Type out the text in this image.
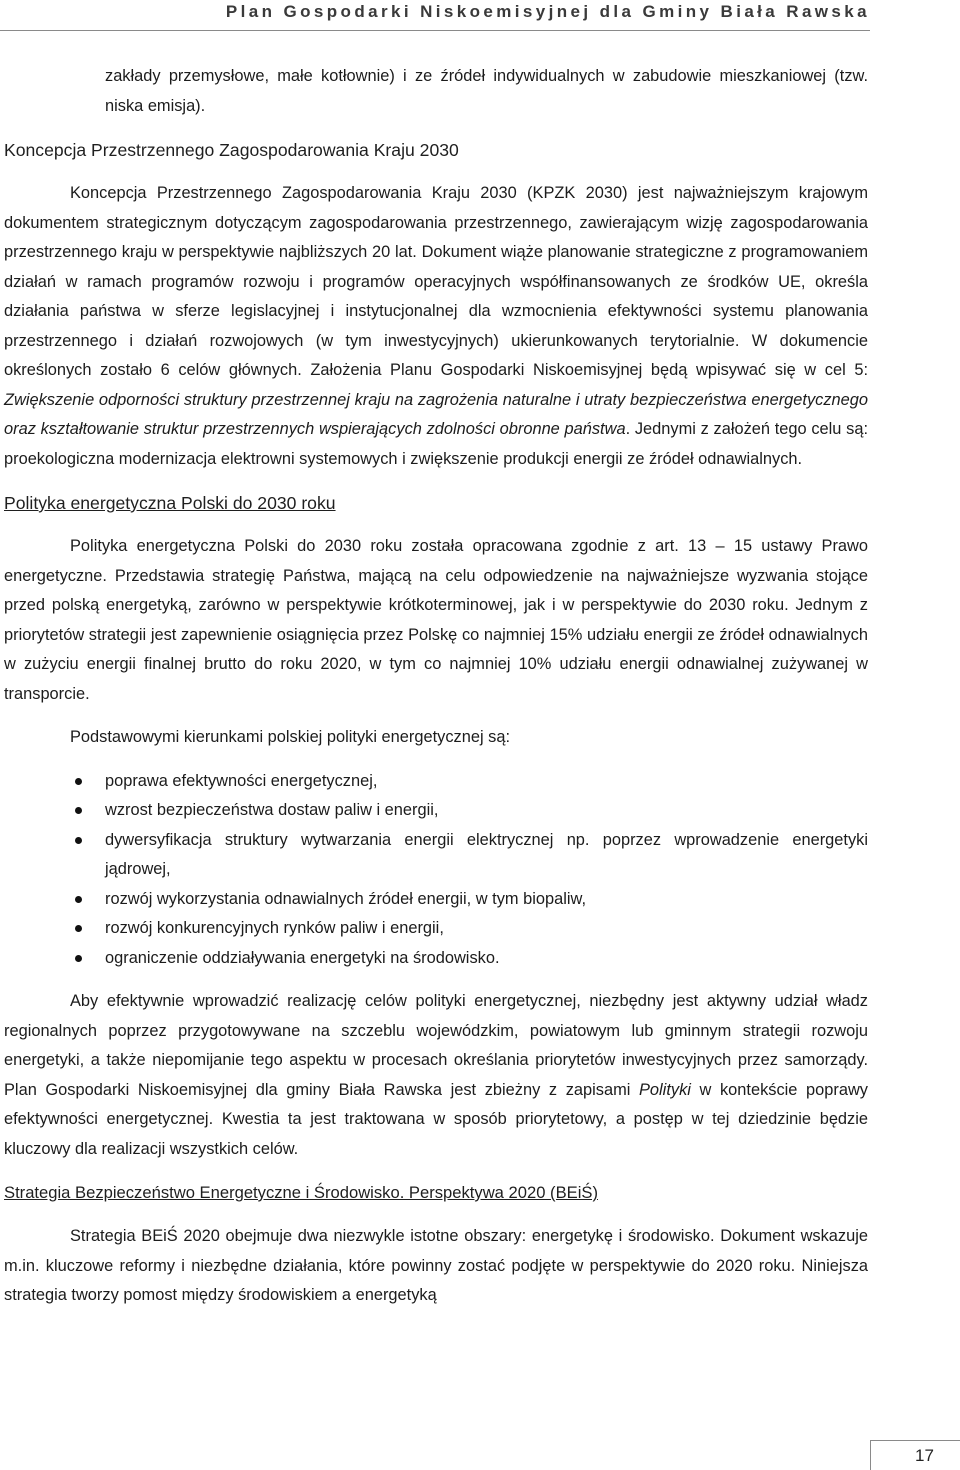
Plan Gospodarki Niskoemisyjnej dla Gminy Biała Rawska

zakłady przemysłowe, małe kotłownie) i ze źródeł indywidualnych w zabudowie mieszkaniowej (tzw. niska emisja).

Koncepcja Przestrzennego Zagospodarowania Kraju 2030

Koncepcja Przestrzennego Zagospodarowania Kraju 2030 (KPZK 2030) jest najważniejszym krajowym dokumentem strategicznym dotyczącym zagospodarowania przestrzennego, zawierającym wizję zagospodarowania przestrzennego kraju w perspektywie najbliższych 20 lat. Dokument wiąże planowanie strategiczne z programowaniem działań w ramach programów rozwoju i programów operacyjnych współfinansowanych ze środków UE, określa działania państwa w sferze legislacyjnej i instytucjonalnej dla wzmocnienia efektywności systemu planowania przestrzennego i działań rozwojowych (w tym inwestycyjnych) ukierunkowanych terytorialnie. W dokumencie określonych zostało 6 celów głównych. Założenia Planu Gospodarki Niskoemisyjnej będą wpisywać się w cel 5: Zwiększenie odporności struktury przestrzennej kraju na zagrożenia naturalne i utraty bezpieczeństwa energetycznego oraz kształtowanie struktur przestrzennych wspierających zdolności obronne państwa. Jednymi z założeń tego celu są: proekologiczna modernizacja elektrowni systemowych i zwiększenie produkcji energii ze źródeł odnawialnych.

Polityka energetyczna Polski do 2030 roku

Polityka energetyczna Polski do 2030 roku została opracowana zgodnie z art. 13 – 15 ustawy Prawo energetyczne. Przedstawia strategię Państwa, mającą na celu odpowiedzenie na najważniejsze wyzwania stojące przed polską energetyką, zarówno w perspektywie krótkoterminowej, jak i w perspektywie do 2030 roku. Jednym z priorytetów strategii jest zapewnienie osiągnięcia przez Polskę co najmniej 15% udziału energii ze źródeł odnawialnych w zużyciu energii finalnej brutto do roku 2020, w tym co najmniej 10% udziału energii odnawialnej zużywanej w transporcie.

Podstawowymi kierunkami polskiej polityki energetycznej są:

poprawa efektywności energetycznej,
wzrost bezpieczeństwa dostaw paliw i energii,
dywersyfikacja struktury wytwarzania energii elektrycznej np. poprzez wprowadzenie energetyki jądrowej,
rozwój wykorzystania odnawialnych źródeł energii, w tym biopaliw,
rozwój konkurencyjnych rynków paliw i energii,
ograniczenie oddziaływania energetyki na środowisko.

Aby efektywnie wprowadzić realizację celów polityki energetycznej, niezbędny jest aktywny udział władz regionalnych poprzez przygotowywane na szczeblu wojewódzkim, powiatowym lub gminnym strategii rozwoju energetyki, a także niepomijanie tego aspektu w procesach określania priorytetów inwestycyjnych przez samorządy. Plan Gospodarki Niskoemisyjnej dla gminy Biała Rawska jest zbieżny z zapisami Polityki w kontekście poprawy efektywności energetycznej. Kwestia ta jest traktowana w sposób priorytetowy, a postęp w tej dziedzinie będzie kluczowy dla realizacji wszystkich celów.

Strategia Bezpieczeństwo Energetyczne i Środowisko. Perspektywa 2020 (BEiŚ)

Strategia BEiŚ 2020 obejmuje dwa niezwykle istotne obszary: energetykę i środowisko. Dokument wskazuje m.in. kluczowe reformy i niezbędne działania, które powinny zostać podjęte w perspektywie do 2020 roku. Niniejsza strategia tworzy pomost między środowiskiem a energetyką

17
